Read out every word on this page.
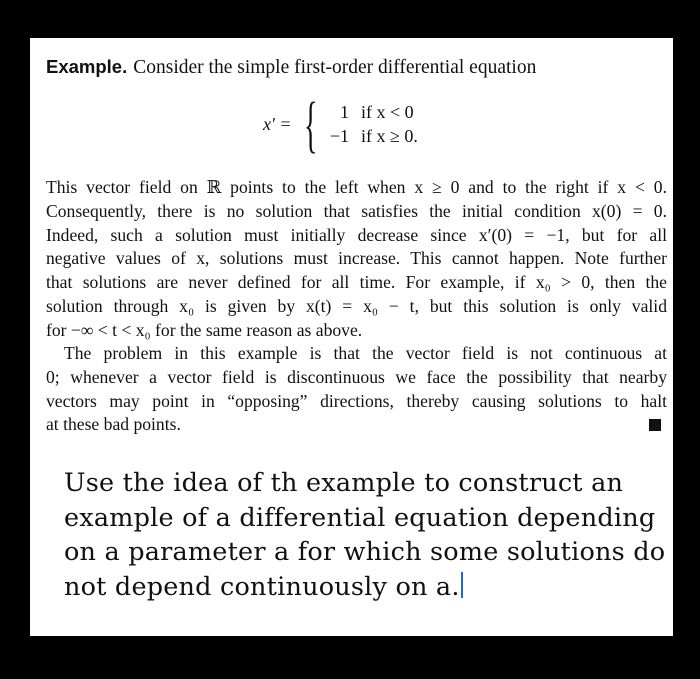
Example. Consider the simple first-order differential equation
x′ = {	1 if x < 0
−1 if x ≥ 0.
This vector field on ℝ points to the left when x ≥ 0 and to the right if x < 0.
Consequently, there is no solution that satisfies the initial condition x(0) = 0.
Indeed, such a solution must initially decrease since x′(0) = −1, but for all
negative values of x, solutions must increase. This cannot happen. Note further
that solutions are never defined for all time. For example, if x₀ > 0, then the
solution through x₀ is given by x(t) = x₀ − t, but this solution is only valid
for −∞ < t < x₀ for the same reason as above.
The problem in this example is that the vector field is not continuous at
0; whenever a vector field is discontinuous we face the possibility that nearby
vectors may point in “opposing” directions, thereby causing solutions to halt
at these bad points.
Use the idea of th example to construct an
example of a differential equation depending
on a parameter a for which some solutions do
not depend continuously on a.
